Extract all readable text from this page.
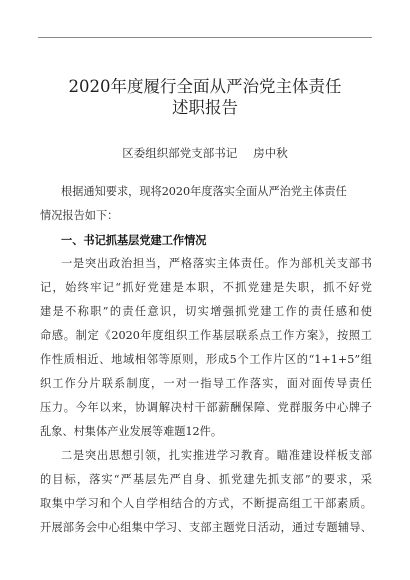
2020年度履行全面从严治党主体责任
述职报告
区委组织部党支部书记 房中秋
根据通知要求，现将2020年度落实全面从严治党主体责任
情况报告如下：
一、书记抓基层党建工作情况
一是突出政治担当，严格落实主体责任。作为部机关支部书
记，始终牢记“抓好党建是本职，不抓党建是失职，抓不好党
建是不称职”的责任意识，切实增强抓党建工作的责任感和使
命感。制定《2020年度组织工作基层联系点工作方案》，按照工
作性质相近、地域相邻等原则，形成5个工作片区的“1+1+5”组
织工作分片联系制度，一对一指导工作落实，面对面传导责任
压力。今年以来，协调解决村干部薪酬保障、党群服务中心牌子
乱象、村集体产业发展等难题12件。
二是突出思想引领，扎实推进学习教育。瞄准建设样板支部
的目标，落实“严基层先严自身、抓党建先抓支部”的要求，采
取集中学习和个人自学相结合的方式，不断提高组工干部素质。
开展部务会中心组集中学习、支部主题党日活动，通过专题辅导、
